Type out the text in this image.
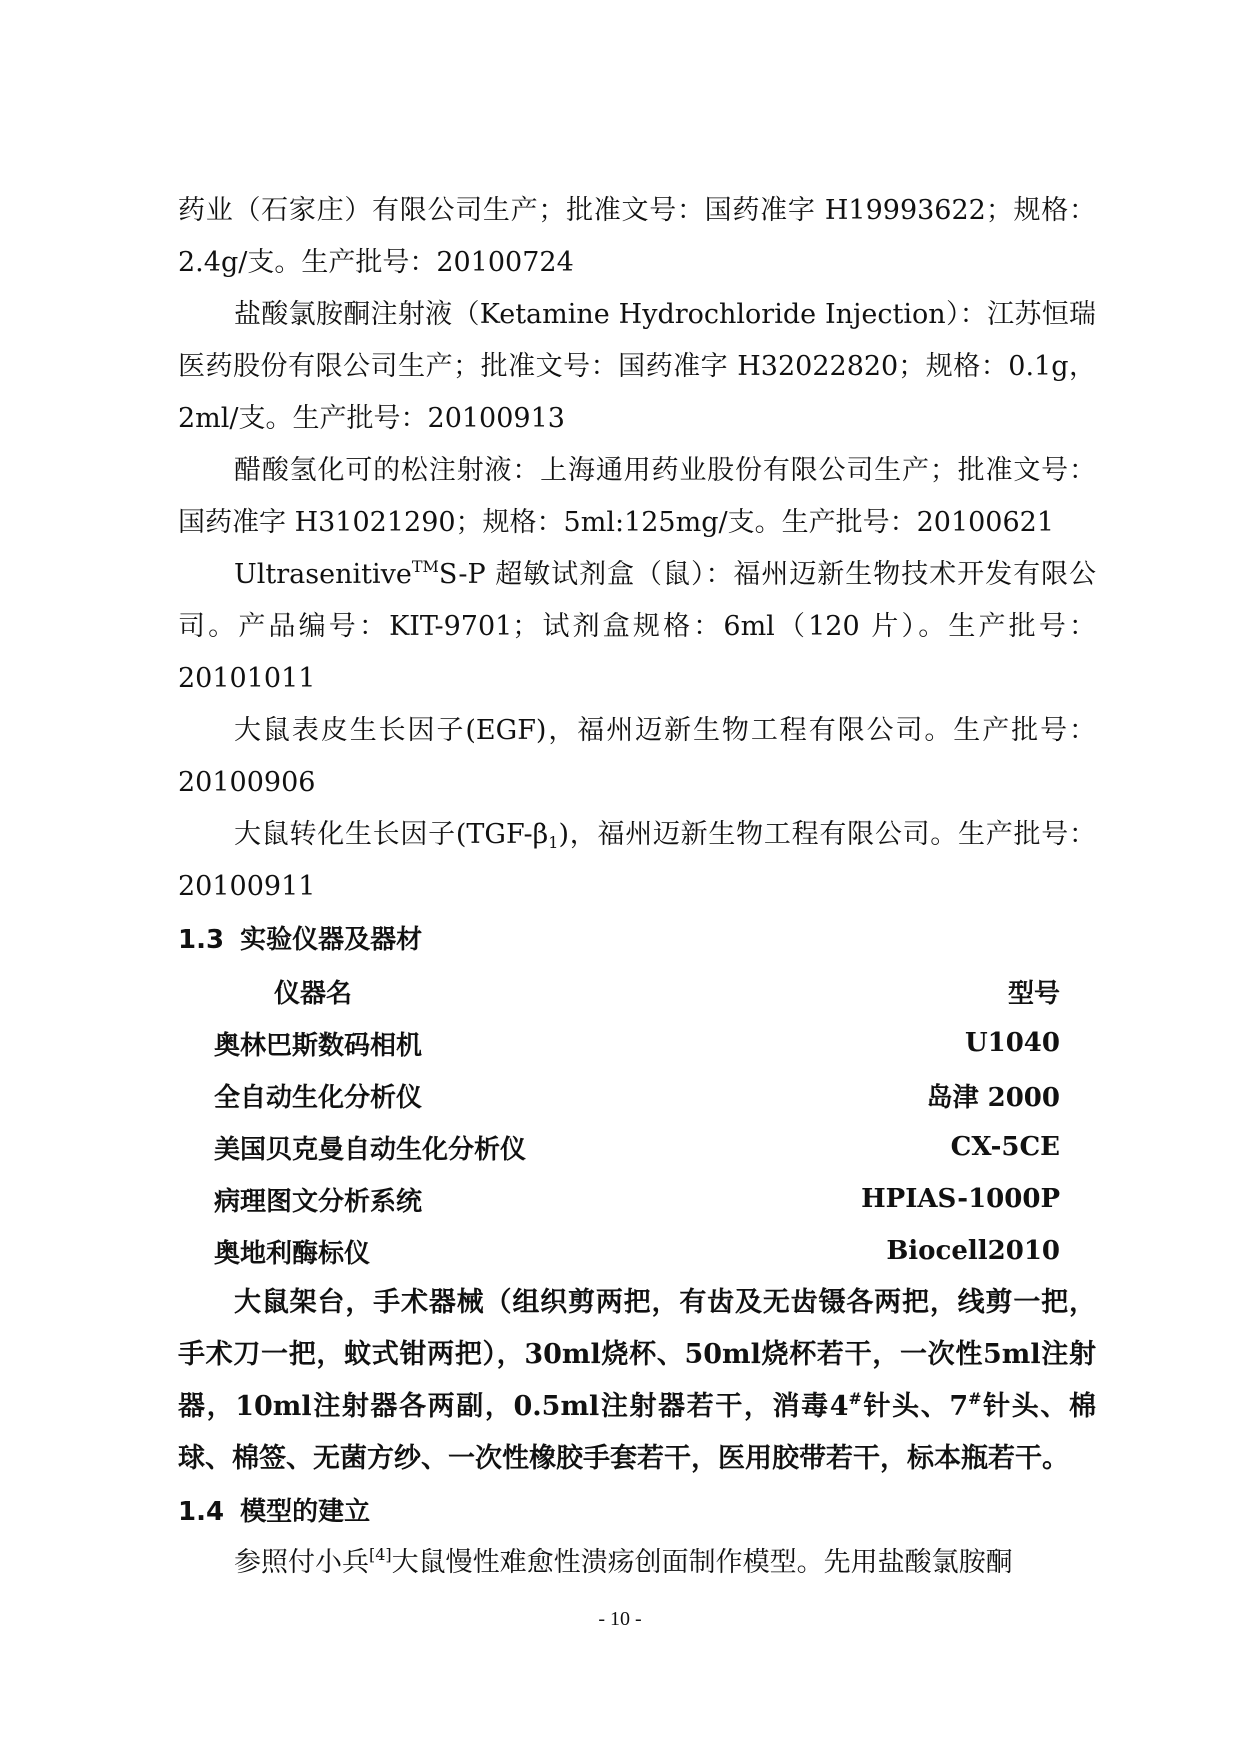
药业（石家庄）有限公司生产；批准文号：国药准字 H19993622；规格：2.4g/支。生产批号：20100724

盐酸氯胺酮注射液（Ketamine Hydrochloride Injection）：江苏恒瑞医药股份有限公司生产；批准文号：国药准字 H32022820；规格：0.1g，2ml/支。生产批号：20100913

醋酸氢化可的松注射液：上海通用药业股份有限公司生产；批准文号：国药准字 H31021290；规格：5ml:125mg/支。生产批号：20100621

Ultrasenitive™S-P 超敏试剂盒（鼠）：福州迈新生物技术开发有限公司。产品编号：KIT-9701；试剂盒规格：6ml（120 片）。生产批号：20101011

大鼠表皮生长因子(EGF)，福州迈新生物工程有限公司。生产批号：20100906

大鼠转化生长因子$(TGF-\beta_1)$，福州迈新生物工程有限公司。生产批号：20100911

1.3 实验仪器及器材
仪器名	型号
奥林巴斯数码相机	U1040
全自动生化分析仪	岛津 2000
美国贝克曼自动生化分析仪	CX-5CE
病理图文分析系统	HPIAS-1000P
奥地利酶标仪	Biocell2010

大鼠架台，手术器械（组织剪两把，有齿及无齿镊各两把，线剪一把，手术刀一把，蚊式钳两把），30ml烧杯、50ml烧杯若干，一次性5ml注射器，10ml注射器各两副，0.5ml注射器若干，消毒4#针头、7#针头、棉球、棉签、无菌方纱、一次性橡胶手套若干，医用胶带若干，标本瓶若干。

1.4 模型的建立

参照付小兵[4]大鼠慢性难愈性溃疡创面制作模型。先用盐酸氯胺酮

- 10 -
